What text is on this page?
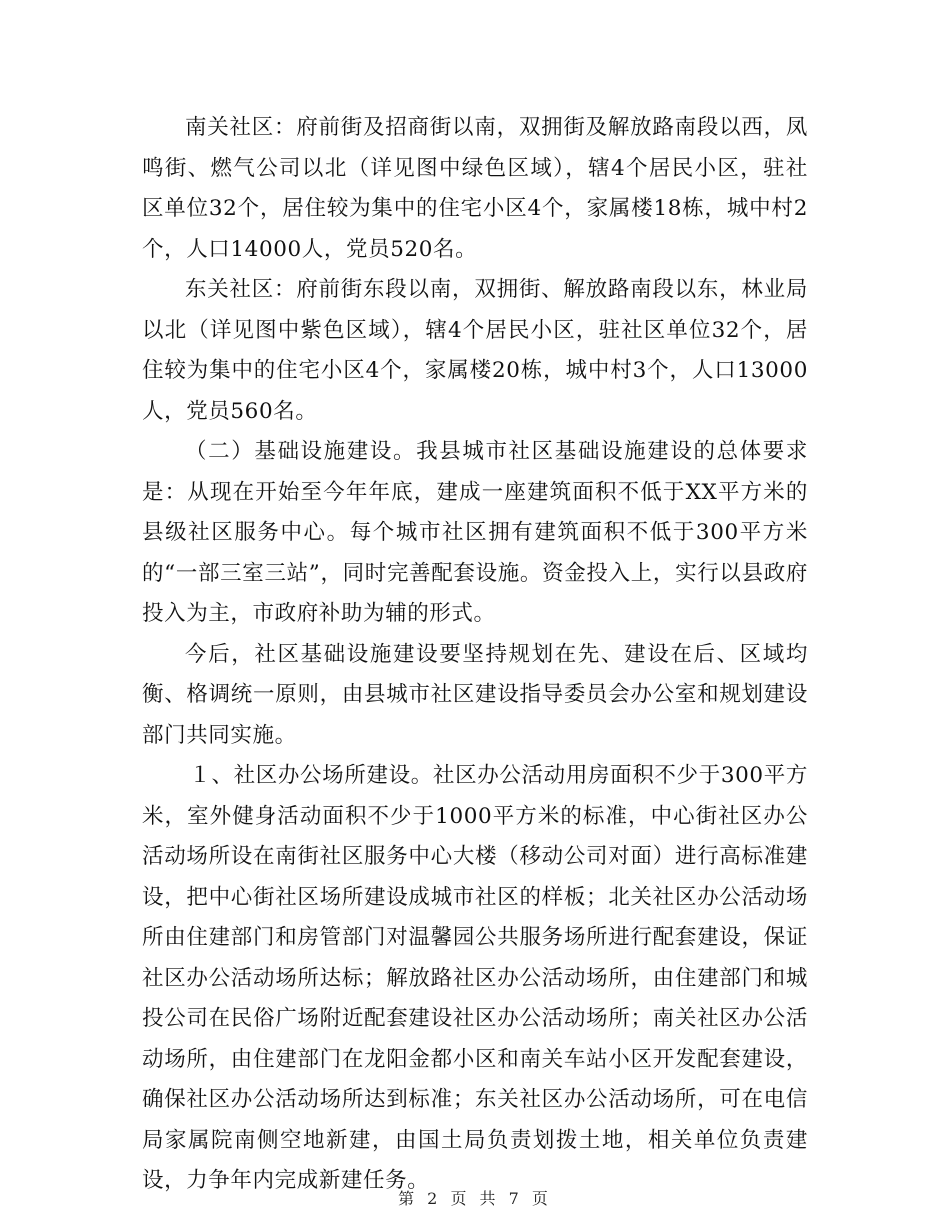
南关社区：府前街及招商街以南，双拥街及解放路南段以西，凤鸣街、燃气公司以北（详见图中绿色区域），辖4个居民小区，驻社区单位32个，居住较为集中的住宅小区4个，家属楼18栋，城中村2个，人口14000人，党员520名。

东关社区：府前街东段以南，双拥街、解放路南段以东，林业局以北（详见图中紫色区域），辖4个居民小区，驻社区单位32个，居住较为集中的住宅小区4个，家属楼20栋，城中村3个，人口13000人，党员560名。

（二）基础设施建设。我县城市社区基础设施建设的总体要求是：从现在开始至今年年底，建成一座建筑面积不低于XX平方米的县级社区服务中心。每个城市社区拥有建筑面积不低于300平方米的“一部三室三站”，同时完善配套设施。资金投入上，实行以县政府投入为主，市政府补助为辅的形式。

今后，社区基础设施建设要坚持规划在先、建设在后、区域均衡、格调统一原则，由县城市社区建设指导委员会办公室和规划建设部门共同实施。

１、社区办公场所建设。社区办公活动用房面积不少于300平方米，室外健身活动面积不少于1000平方米的标准，中心街社区办公活动场所设在南街社区服务中心大楼（移动公司对面）进行高标准建设，把中心街社区场所建设成城市社区的样板；北关社区办公活动场所由住建部门和房管部门对温馨园公共服务场所进行配套建设，保证社区办公活动场所达标；解放路社区办公活动场所，由住建部门和城投公司在民俗广场附近配套建设社区办公活动场所；南关社区办公活动场所，由住建部门在龙阳金都小区和南关车站小区开发配套建设，确保社区办公活动场所达到标准；东关社区办公活动场所，可在电信局家属院南侧空地新建，由国土局负责划拨土地，相关单位负责建设，力争年内完成新建任务。

第 2 页 共 7 页
